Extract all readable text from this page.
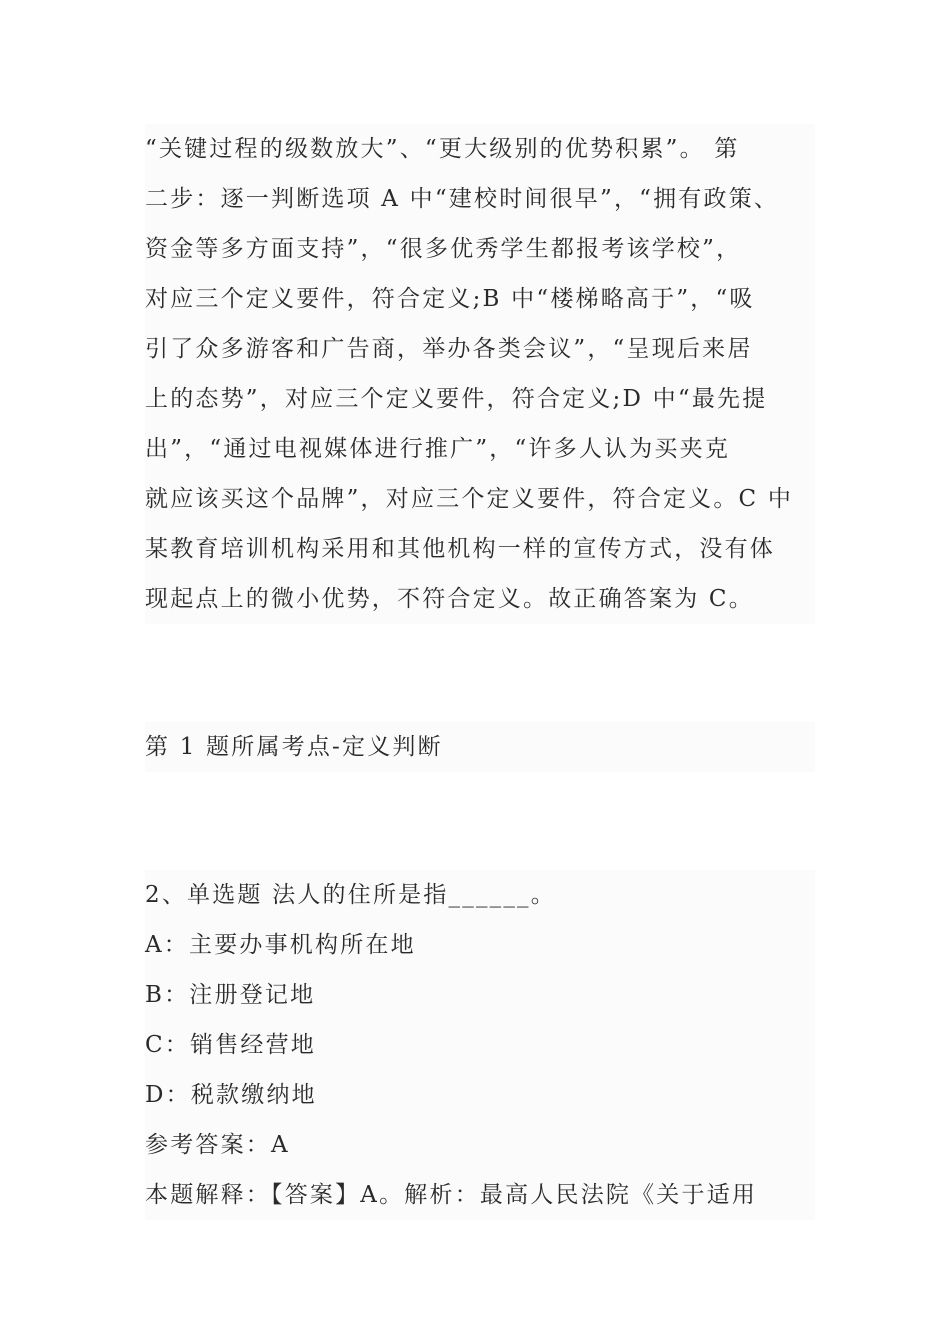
“关键过程的级数放大”、“更大级别的优势积累”。 第
二步：逐一判断选项 A 中“建校时间很早”，“拥有政策、
资金等多方面支持”，“很多优秀学生都报考该学校”，
对应三个定义要件，符合定义;B 中“楼梯略高于”，“吸
引了众多游客和广告商，举办各类会议”，“呈现后来居
上的态势”，对应三个定义要件，符合定义;D 中“最先提
出”，“通过电视媒体进行推广”，“许多人认为买夹克
就应该买这个品牌”，对应三个定义要件，符合定义。C 中
某教育培训机构采用和其他机构一样的宣传方式，没有体
现起点上的微小优势，不符合定义。故正确答案为 C。
第 1 题所属考点-定义判断
2、单选题 法人的住所是指______。
A：主要办事机构所在地
B：注册登记地
C：销售经营地
D：税款缴纳地
参考答案：A
本题解释：【答案】A。解析：最高人民法院《关于适用
